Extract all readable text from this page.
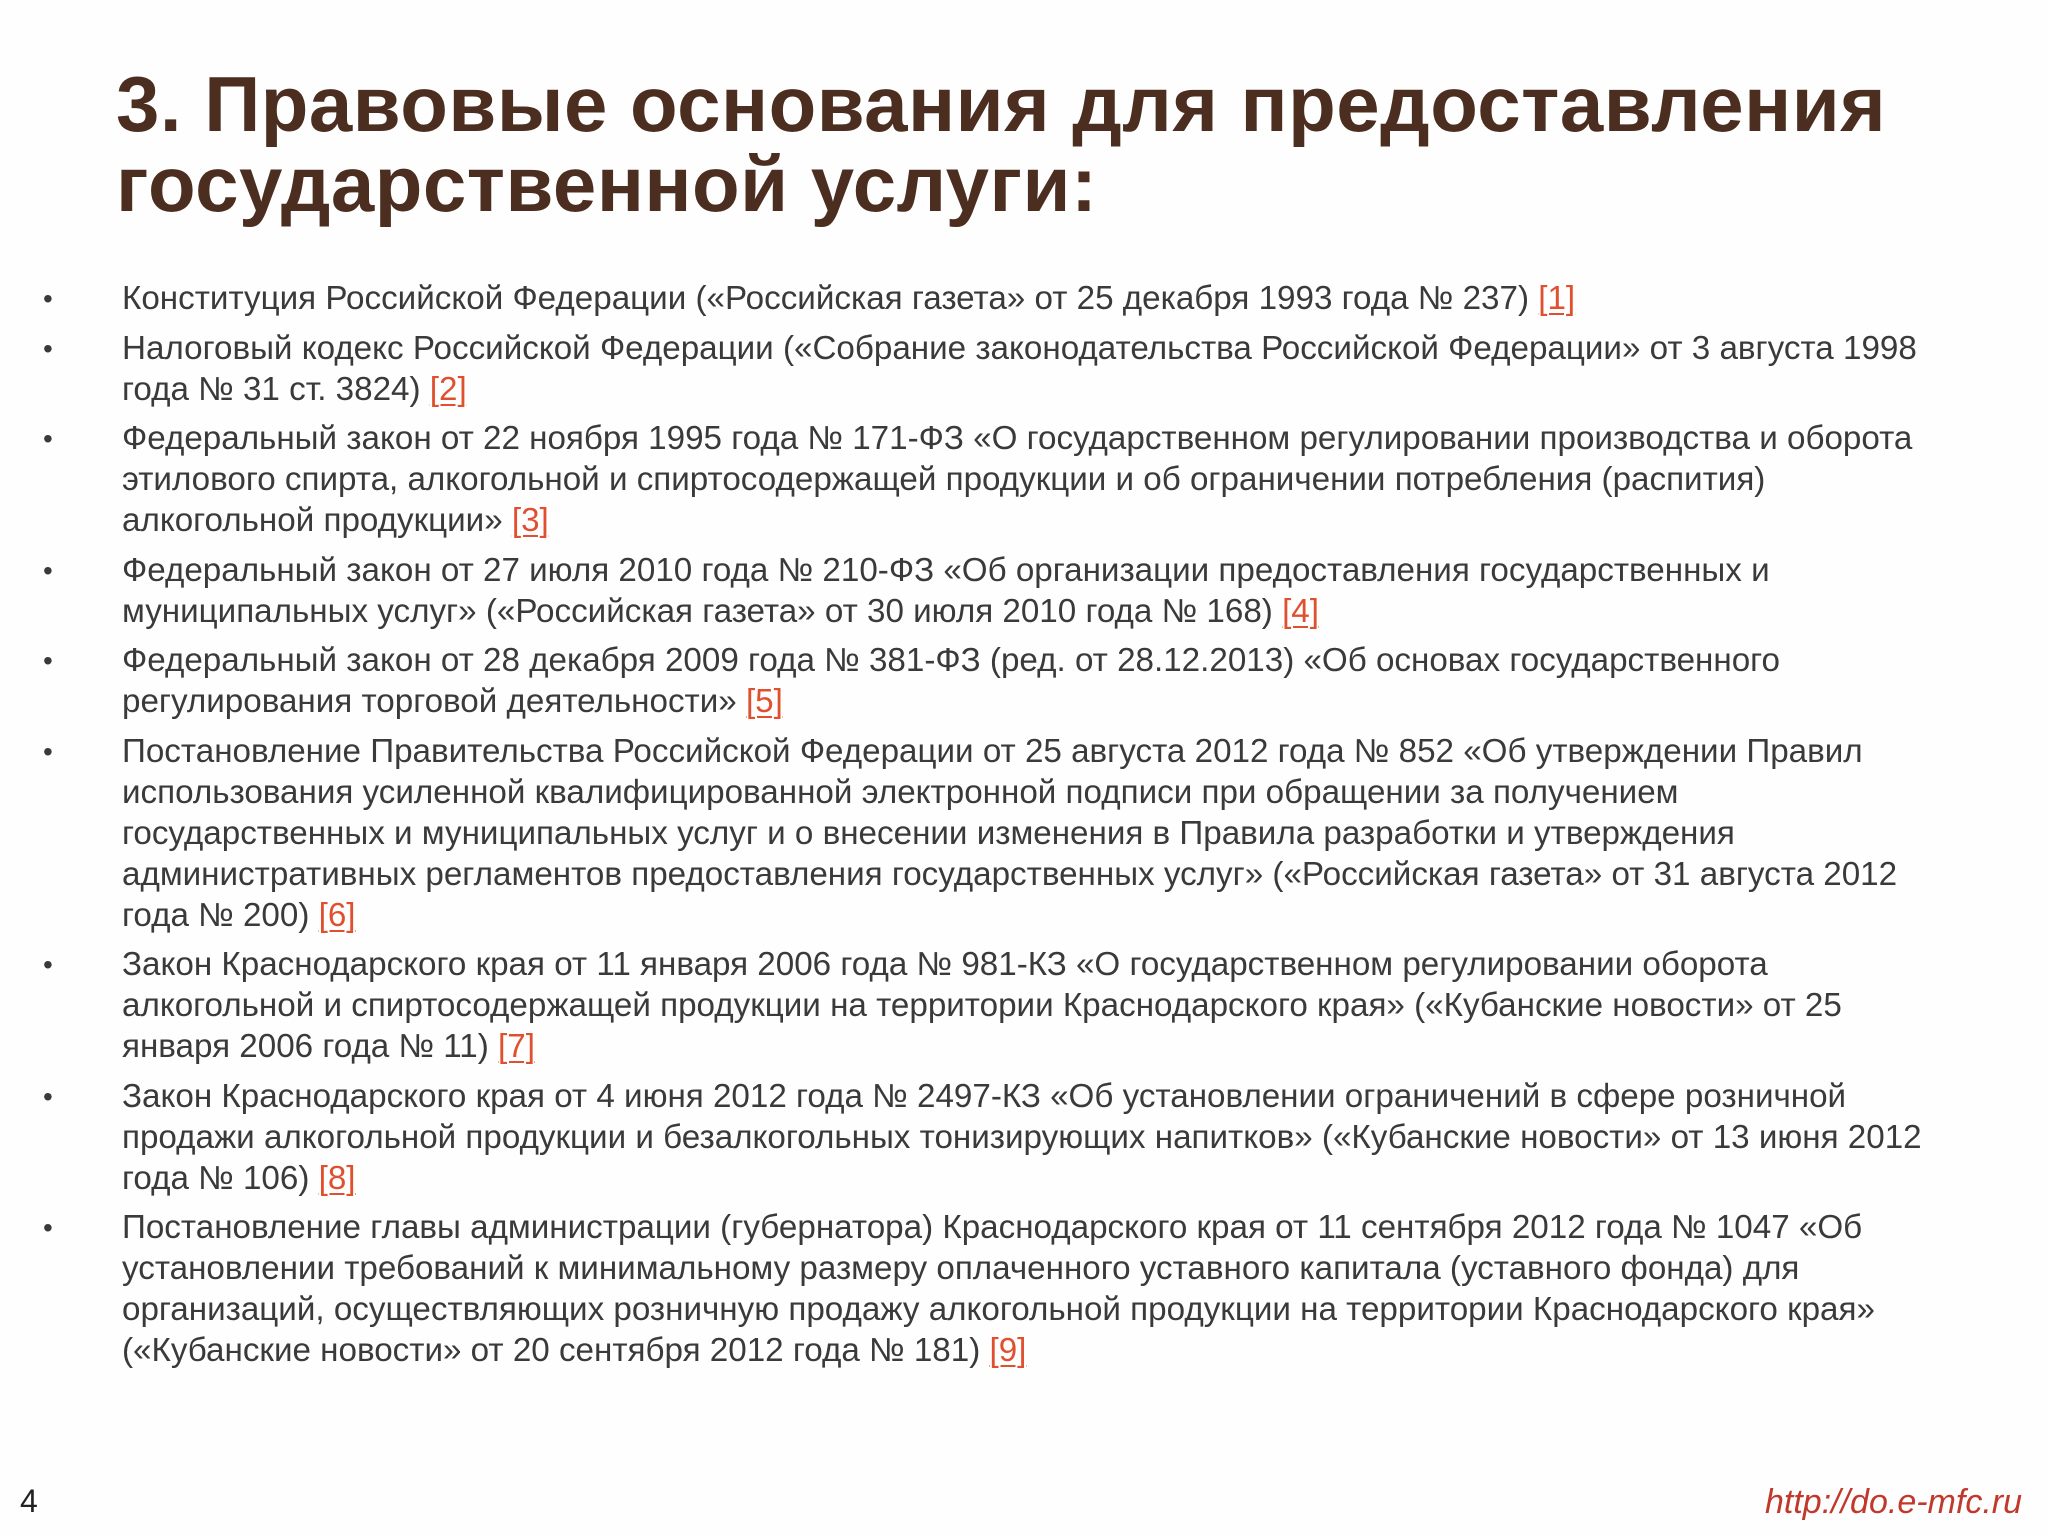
3. Правовые основания для предоставления
государственной услуги:
• Конституция Российской Федерации («Российская газета» от 25 декабря 1993 года № 237) [1]
• Налоговый кодекс Российской Федерации («Собрание законодательства Российской Федерации» от 3 августа 1998
года № 31 ст. 3824) [2]
• Федеральный закон от 22 ноября 1995 года № 171-ФЗ «О государственном регулировании производства и оборота
этилового спирта, алкогольной и спиртосодержащей продукции и об ограничении потребления (распития)
алкогольной продукции» [3]
• Федеральный закон от 27 июля 2010 года № 210-ФЗ «Об организации предоставления государственных и
муниципальных услуг» («Российская газета» от 30 июля 2010 года № 168) [4]
• Федеральный закон от 28 декабря 2009 года № 381-ФЗ (ред. от 28.12.2013) «Об основах государственного
регулирования торговой деятельности» [5]
• Постановление Правительства Российской Федерации от 25 августа 2012 года № 852 «Об утверждении Правил
использования усиленной квалифицированной электронной подписи при обращении за получением
государственных и муниципальных услуг и о внесении изменения в Правила разработки и утверждения
административных регламентов предоставления государственных услуг» («Российская газета» от 31 августа 2012
года № 200) [6]
• Закон Краснодарского края от 11 января 2006 года № 981-КЗ «О государственном регулировании оборота
алкогольной и спиртосодержащей продукции на территории Краснодарского края» («Кубанские новости» от 25
января 2006 года № 11) [7]
• Закон Краснодарского края от 4 июня 2012 года № 2497-КЗ «Об установлении ограничений в сфере розничной
продажи алкогольной продукции и безалкогольных тонизирующих напитков» («Кубанские новости» от 13 июня 2012
года № 106) [8]
• Постановление главы администрации (губернатора) Краснодарского края от 11 сентября 2012 года № 1047 «Об
установлении требований к минимальному размеру оплаченного уставного капитала (уставного фонда) для
организаций, осуществляющих розничную продажу алкогольной продукции на территории Краснодарского края»
(«Кубанские новости» от 20 сентября 2012 года № 181) [9]
4	http://do.e-mfc.ru
